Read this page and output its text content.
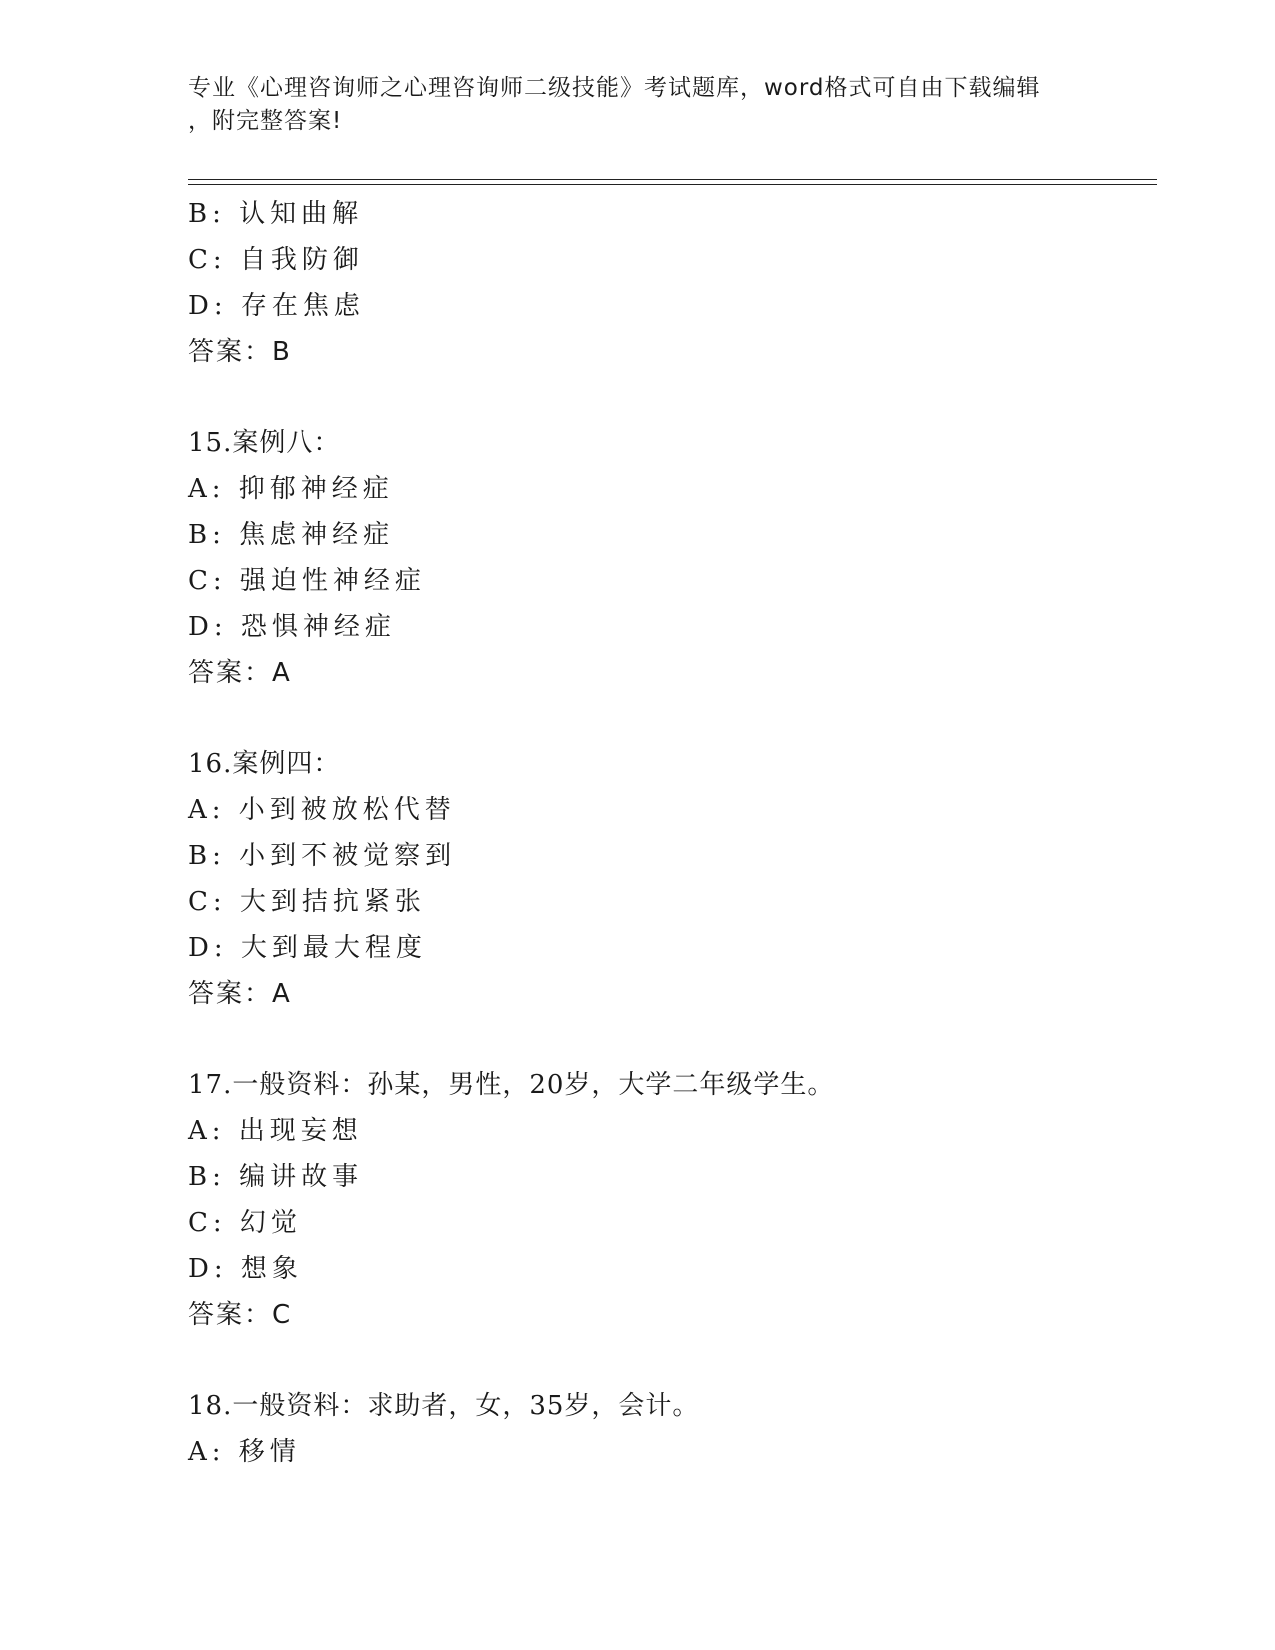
专业《心理咨询师之心理咨询师二级技能》考试题库，word格式可自由下载编辑
，附完整答案!
B: 认知曲解
C: 自我防御
D: 存在焦虑
答案：B
15.案例八：
A: 抑郁神经症
B: 焦虑神经症
C: 强迫性神经症
D: 恐惧神经症
答案：A
16.案例四：
A: 小到被放松代替
B: 小到不被觉察到
C: 大到拮抗紧张
D: 大到最大程度
答案：A
17.一般资料：孙某，男性，20岁，大学二年级学生。
A: 出现妄想
B: 编讲故事
C: 幻觉
D: 想象
答案：C
18.一般资料：求助者，女，35岁，会计。
A: 移情
